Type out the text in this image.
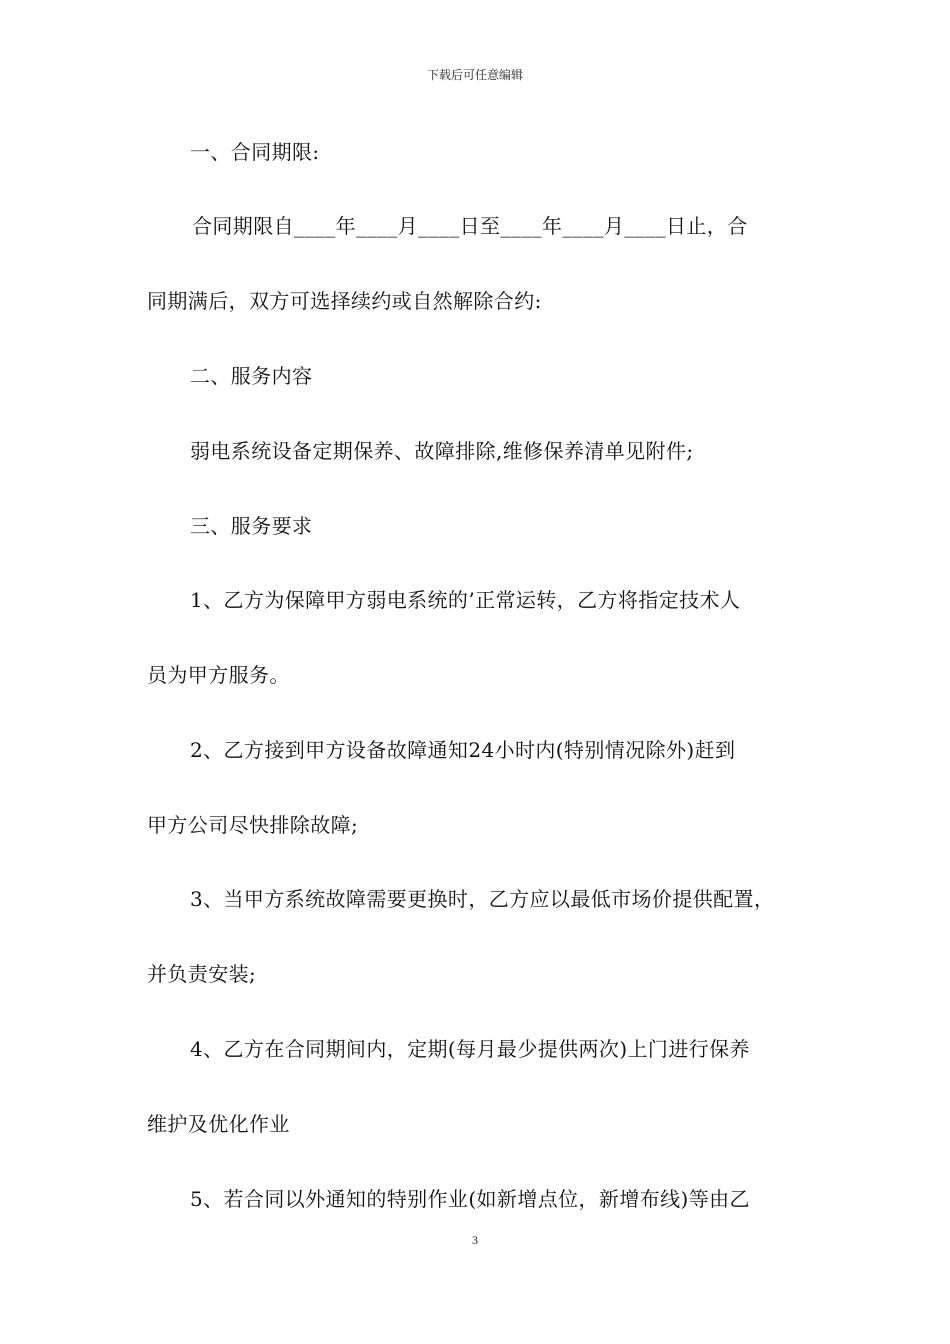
下载后可任意编辑
一、合同期限:
合同期限自____年____月____日至____年____月____日止，合
同期满后，双方可选择续约或自然解除合约:
二、服务内容
弱电系统设备定期保养、故障排除,维修保养清单见附件;
三、服务要求
1、乙方为保障甲方弱电系统的’正常运转，乙方将指定技术人
员为甲方服务。
2、乙方接到甲方设备故障通知24小时内(特别情况除外)赶到
甲方公司尽快排除故障;
3、当甲方系统故障需要更换时，乙方应以最低市场价提供配置，
并负责安装;
4、乙方在合同期间内，定期(每月最少提供两次)上门进行保养
维护及优化作业
5、若合同以外通知的特别作业(如新增点位，新增布线)等由乙
3
